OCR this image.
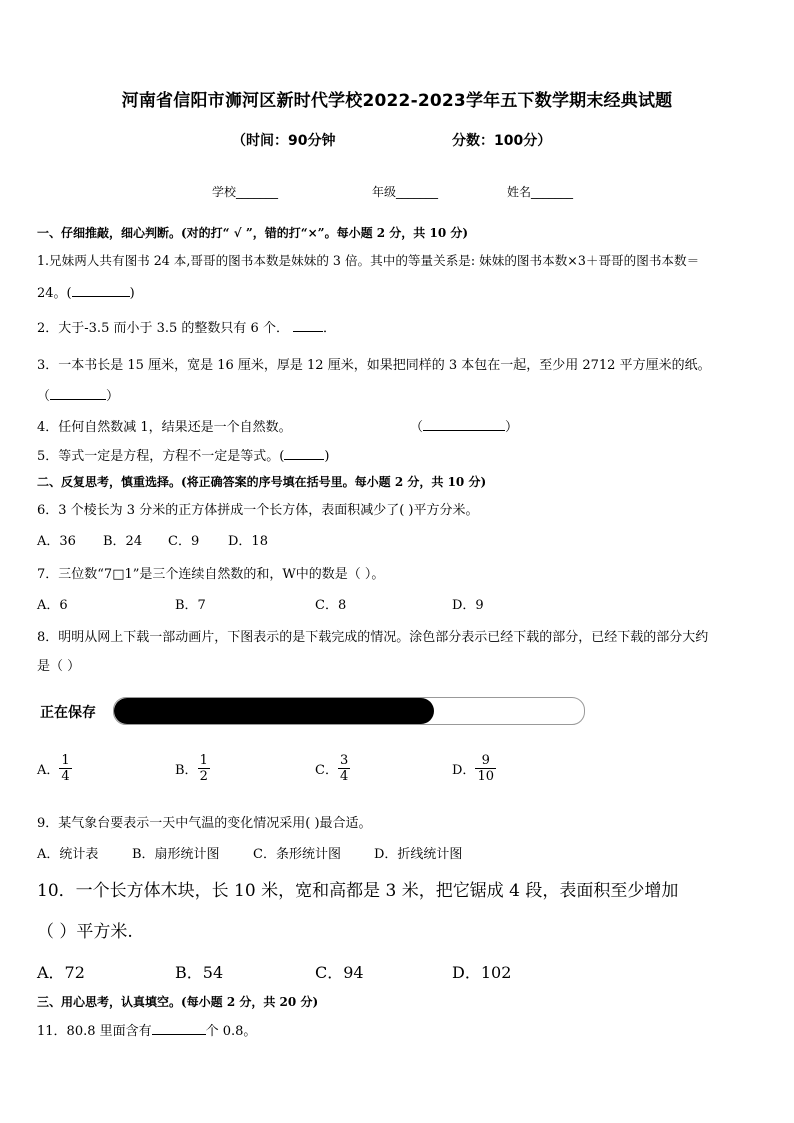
河南省信阳市浉河区新时代学校2022-2023学年五下数学期末经典试题
（时间：90分钟	分数：100分）
学校_______	年级_______	姓名_______
一、仔细推敲，细心判断。(对的打“ √ ”，错的打“×”。每小题 2 分，共 10 分)
1.兄妹两人共有图书 24 本,哥哥的图书本数是妹妹的 3 倍。其中的等量关系是: 妹妹的图书本数×3＋哥哥的图书本数＝
24。(	)
2．大于-3.5 而小于 3.5 的整数只有 6 个．	．
3．一本书长是 15 厘米，宽是 16 厘米，厚是 12 厘米，如果把同样的 3 本包在一起，至少用 2712 平方厘米的纸。
（	）
4．任何自然数减 1，结果还是一个自然数。	（	）
5．等式一定是方程，方程不一定是等式。(	)
二、反复思考，慎重选择。(将正确答案的序号填在括号里。每小题 2 分，共 10 分)
6．3 个棱长为 3 分米的正方体拼成一个长方体，表面积减少了( )平方分米。
A．36 B．24 C．9 D．18
7．三位数“7□1”是三个连续自然数的和，W中的数是（ ）。
A．6	B．7	C．8	D．9
8．明明从网上下载一部动画片，下图表示的是下载完成的情况。涂色部分表示已经下载的部分，已经下载的部分大约
是（ ）
正在保存
A． $\frac{1}{4}$	B． $\frac{1}{2}$	C． $\frac{3}{4}$	D． $\frac{9}{10}$
9．某气象台要表示一天中气温的变化情况采用( )最合适。
A．统计表	B．扇形统计图	C．条形统计图	D．折线统计图
10．一个长方体木块，长 10 米，宽和高都是 3 米，把它锯成 4 段，表面积至少增加
（ ）平方米.
A．72	B．54	C．94	D．102
三、用心思考，认真填空。(每小题 2 分，共 20 分)
11．80.8 里面含有	个 0.8。
